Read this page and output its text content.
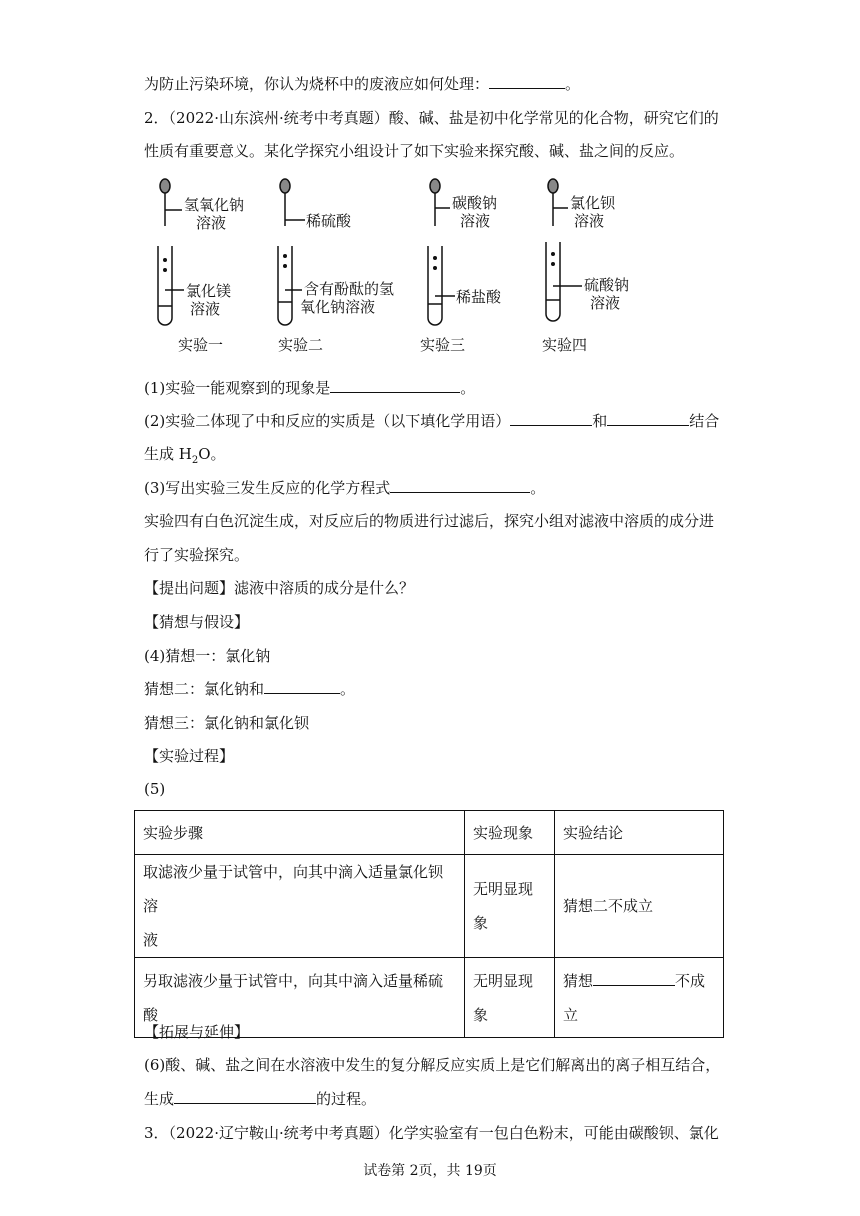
为防止污染环境，你认为烧杯中的废液应如何处理：	。
2．（2022·山东滨州·统考中考真题）酸、碱、盐是初中化学常见的化合物，研究它们的
性质有重要意义。某化学探究小组设计了如下实验来探究酸、碱、盐之间的反应。
氢氧化钠
溶液
氯化镁
溶液
实验一
稀硫酸
含有酚酞的氢
氧化钠溶液
实验二
碳酸钠
溶液
稀盐酸
实验三
氯化钡
溶液
硫酸钠
溶液
实验四
(1)实验一能观察到的现象是	。
(2)实验二体现了中和反应的实质是（以下填化学用语）	和	结合
生成 $H_2O$。
(3)写出实验三发生反应的化学方程式	。
实验四有白色沉淀生成，对反应后的物质进行过滤后，探究小组对滤液中溶质的成分进
行了实验探究。
【提出问题】滤液中溶质的成分是什么？
【猜想与假设】
(4)猜想一：氯化钠
猜想二：氯化钠和	。
猜想三：氯化钠和氯化钡
【实验过程】
(5)
实验步骤	实验现象	实验结论
取滤液少量于试管中，向其中滴入适量氯化钡溶
液	无明显现
象	猜想二不成立
另取滤液少量于试管中，向其中滴入适量稀硫酸	无明显现
象	猜想 不成
立
【拓展与延伸】
(6)酸、碱、盐之间在水溶液中发生的复分解反应实质上是它们解离出的离子相互结合，
生成	的过程。
3．（2022·辽宁鞍山·统考中考真题）化学实验室有一包白色粉末，可能由碳酸钡、氯化
试卷第 2页，共 19页
